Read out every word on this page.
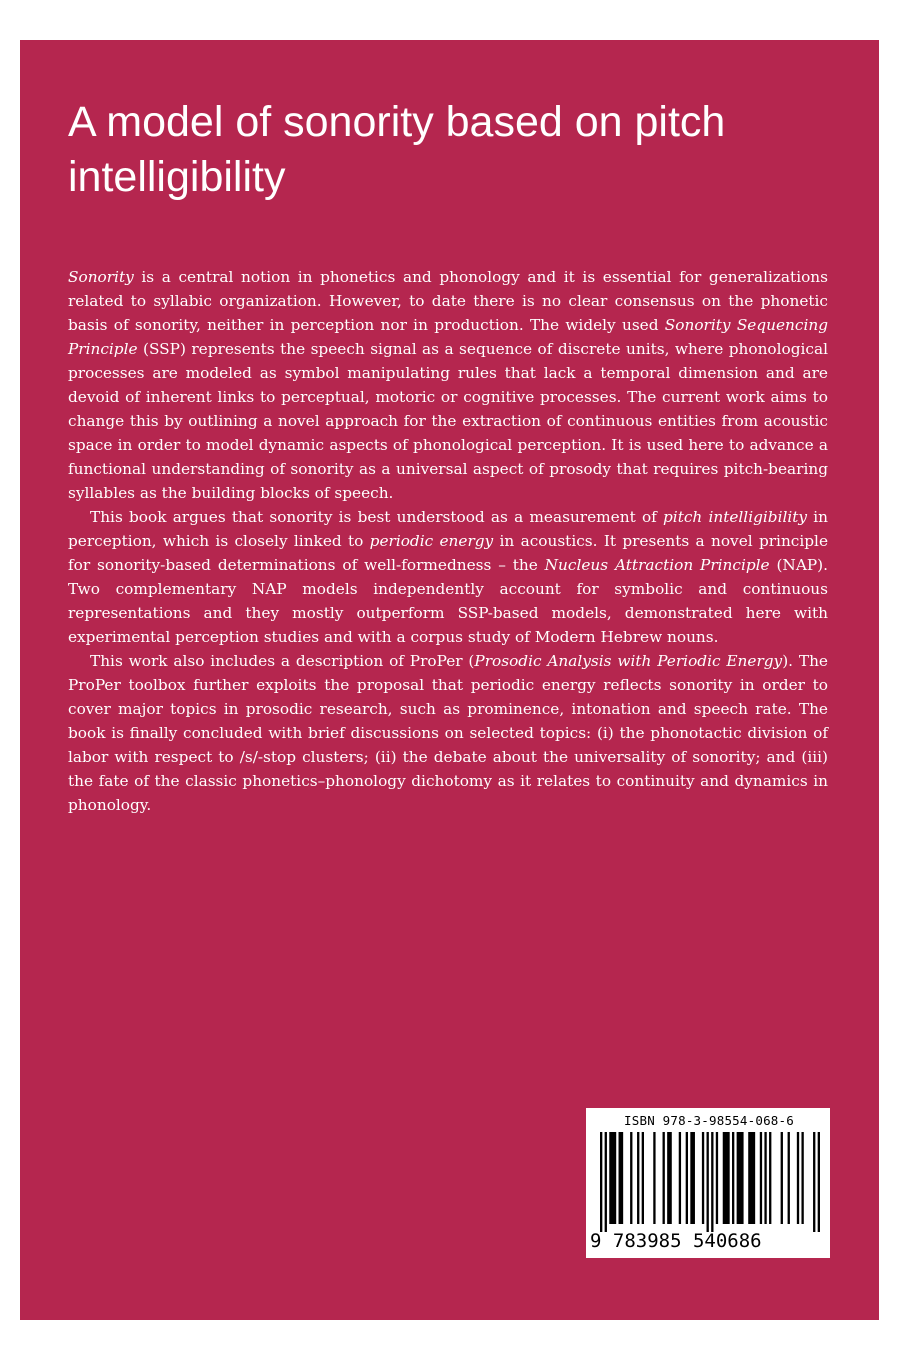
A model of sonority based on pitch intelligibility

Sonority is a central notion in phonetics and phonology and it is essential for generalizations related to syllabic organization. However, to date there is no clear consensus on the phonetic basis of sonority, neither in perception nor in production. The widely used Sonority Sequencing Principle (SSP) represents the speech signal as a sequence of discrete units, where phonological processes are modeled as symbol manipulating rules that lack a temporal dimension and are devoid of inherent links to perceptual, motoric or cognitive processes. The current work aims to change this by outlining a novel approach for the extraction of continuous entities from acoustic space in order to model dynamic aspects of phonological perception. It is used here to advance a functional understanding of sonority as a universal aspect of prosody that requires pitch-bearing syllables as the building blocks of speech.

This book argues that sonority is best understood as a measurement of pitch intelligibility in perception, which is closely linked to periodic energy in acoustics. It presents a novel principle for sonority-based determinations of well-formedness – the Nucleus Attraction Principle (NAP). Two complementary NAP models independently account for symbolic and continuous representations and they mostly outperform SSP-based models, demonstrated here with experimental perception studies and with a corpus study of Modern Hebrew nouns.

This work also includes a description of ProPer (Prosodic Analysis with Periodic Energy). The ProPer toolbox further exploits the proposal that periodic energy reflects sonority in order to cover major topics in prosodic research, such as prominence, intonation and speech rate. The book is finally concluded with brief discussions on selected topics: (i) the phonotactic division of labor with respect to /s/-stop clusters; (ii) the debate about the universality of sonority; and (iii) the fate of the classic phonetics–phonology dichotomy as it relates to continuity and dynamics in phonology.

ISBN 978-3-98554-068-6
9 783985 540686
